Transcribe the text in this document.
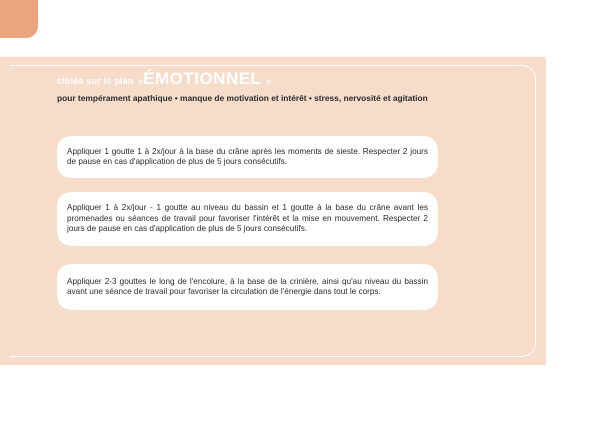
ciblés sur le plan «ÉMOTIONNEL »
pour tempérament apathique • manque de motivation et intérêt • stress, nervosité et agitation

Appliquer 1 goutte 1 à 2x/jour à la base du crâne après les moments de sieste. Respecter 2 jours de pause en cas d'application de plus de 5 jours consécutifs.

Appliquer 1 à 2x/jour - 1 goutte au niveau du bassin et 1 goutte à la base du crâne avant les promenades ou séances de travail pour favoriser l'intérêt et la mise en mouvement. Respecter 2 jours de pause en cas d'application de plus de 5 jours consécutifs.

Appliquer 2-3 gouttes le long de l'encolure, à la base de la crinière, ainsi qu'au niveau du bassin avant une séance de travail pour favoriser la circulation de l'énergie dans tout le corps.
